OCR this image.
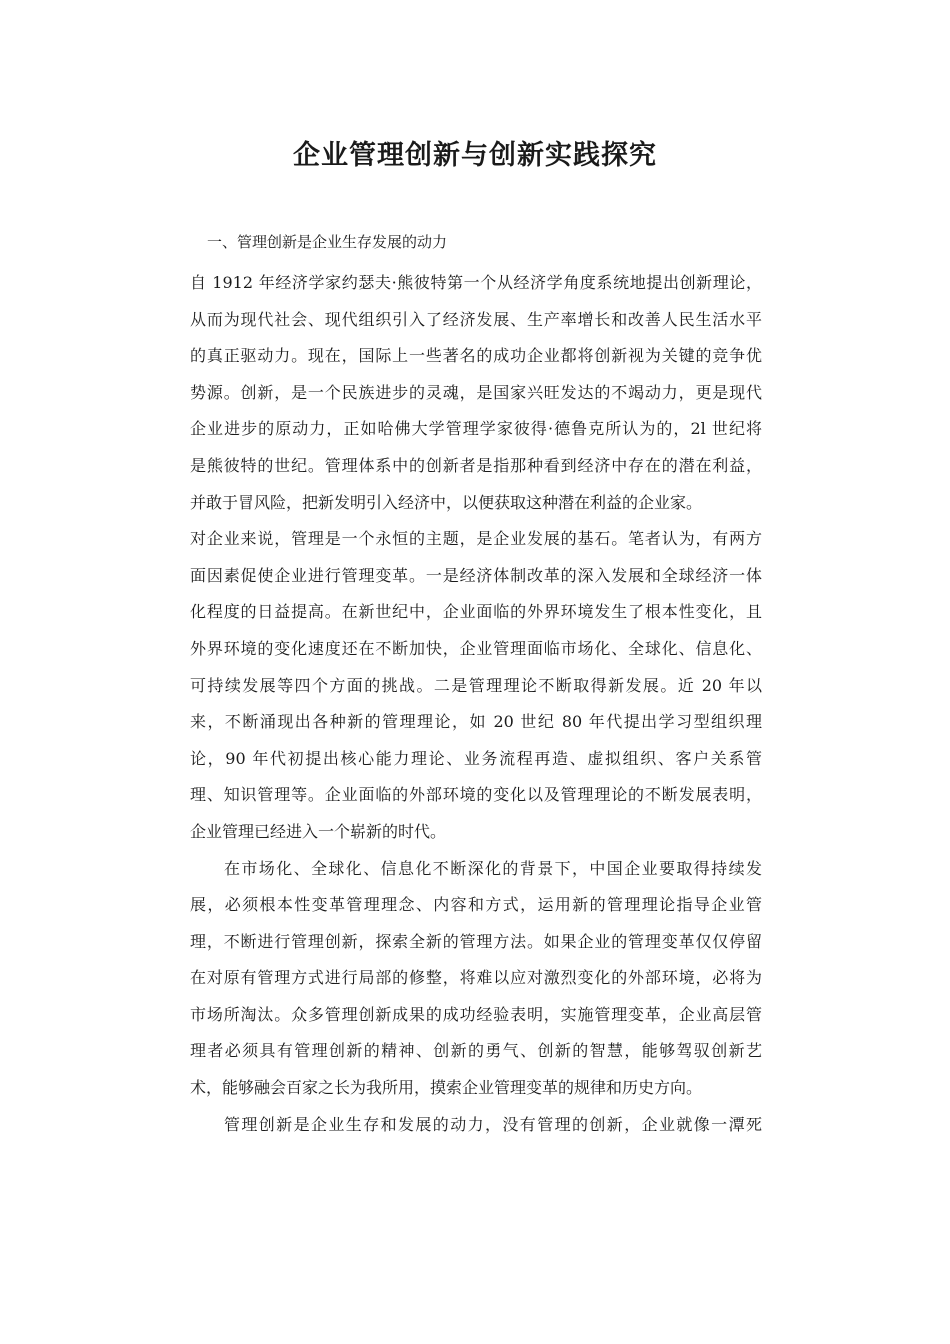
企业管理创新与创新实践探究

一、管理创新是企业生存发展的动力

自 1912 年经济学家约瑟夫·熊彼特第一个从经济学角度系统地提出创新理论，
从而为现代社会、现代组织引入了经济发展、生产率增长和改善人民生活水平
的真正驱动力。现在，国际上一些著名的成功企业都将创新视为关键的竞争优
势源。创新，是一个民族进步的灵魂，是国家兴旺发达的不竭动力，更是现代
企业进步的原动力，正如哈佛大学管理学家彼得·德鲁克所认为的，2l 世纪将
是熊彼特的世纪。管理体系中的创新者是指那种看到经济中存在的潜在利益，
并敢于冒风险，把新发明引入经济中，以便获取这种潜在利益的企业家。

对企业来说，管理是一个永恒的主题，是企业发展的基石。笔者认为，有两方
面因素促使企业进行管理变革。一是经济体制改革的深入发展和全球经济一体
化程度的日益提高。在新世纪中，企业面临的外界环境发生了根本性变化，且
外界环境的变化速度还在不断加快，企业管理面临市场化、全球化、信息化、
可持续发展等四个方面的挑战。二是管理理论不断取得新发展。近 20 年以
来，不断涌现出各种新的管理理论，如 20 世纪 80 年代提出学习型组织理
论，90 年代初提出核心能力理论、业务流程再造、虚拟组织、客户关系管
理、知识管理等。企业面临的外部环境的变化以及管理理论的不断发展表明，
企业管理已经进入一个崭新的时代。

在市场化、全球化、信息化不断深化的背景下，中国企业要取得持续发
展，必须根本性变革管理理念、内容和方式，运用新的管理理论指导企业管
理，不断进行管理创新，探索全新的管理方法。如果企业的管理变革仅仅停留
在对原有管理方式进行局部的修整，将难以应对激烈变化的外部环境，必将为
市场所淘汰。众多管理创新成果的成功经验表明，实施管理变革，企业高层管
理者必须具有管理创新的精神、创新的勇气、创新的智慧，能够驾驭创新艺
术，能够融会百家之长为我所用，摸索企业管理变革的规律和历史方向。

管理创新是企业生存和发展的动力，没有管理的创新，企业就像一潭死
